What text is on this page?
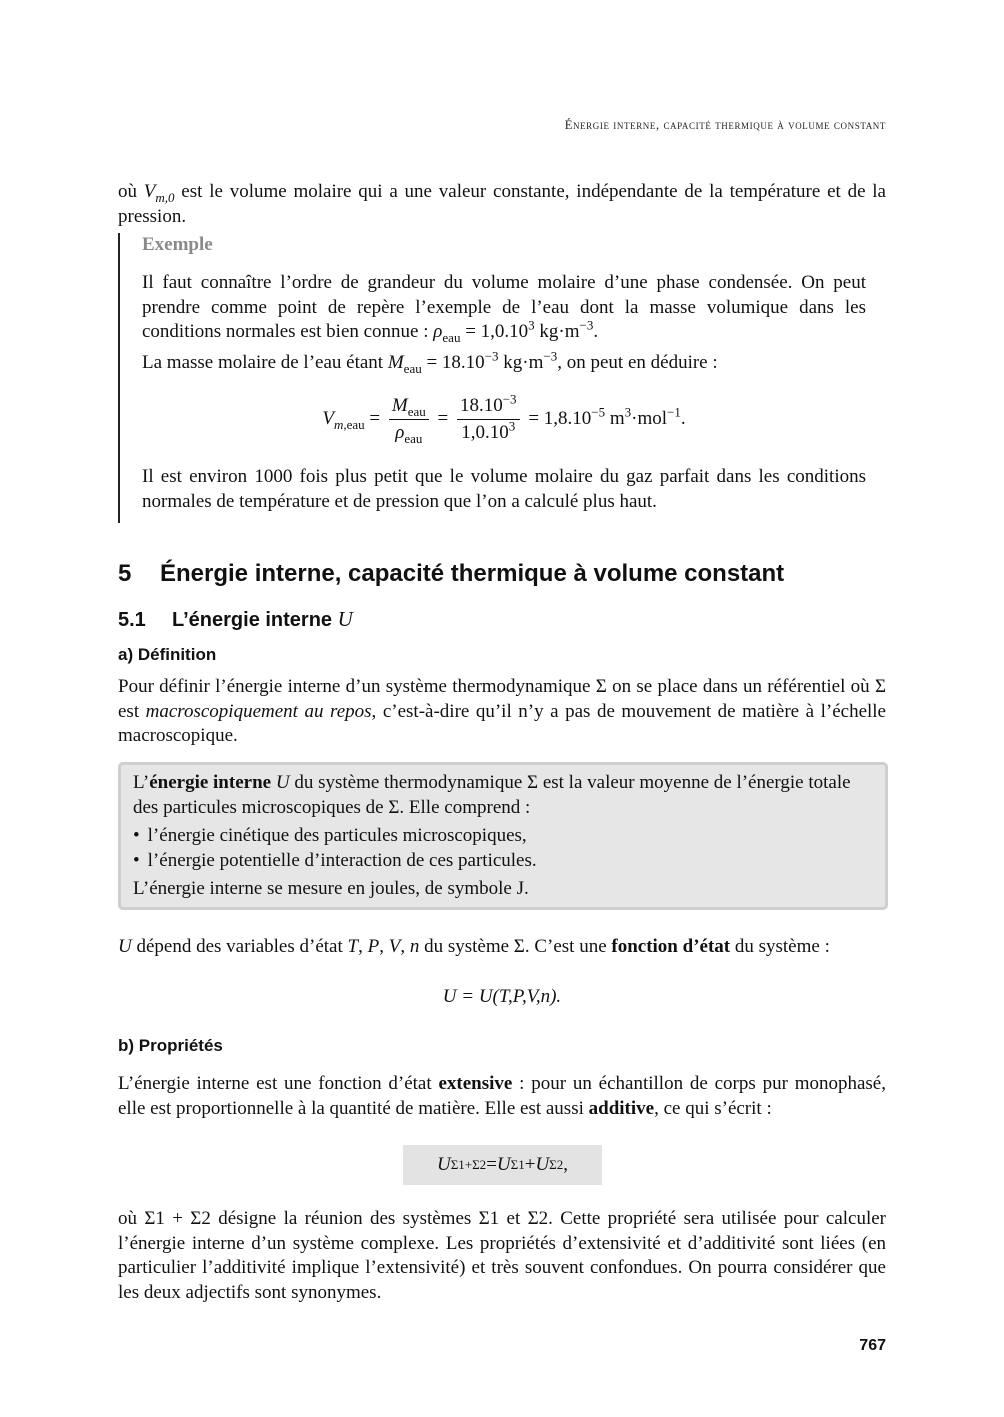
Énergie interne, capacité thermique à volume constant

où $V_{m,0}$ est le volume molaire qui a une valeur constante, indépendante de la température et de la pression.

Exemple

Il faut connaître l’ordre de grandeur du volume molaire d’une phase condensée. On peut prendre comme point de repère l’exemple de l’eau dont la masse volumique dans les conditions normales est bien connue : $\rho_{eau} = 1,0.10^3$ $kg\cdot m^{-3}$.

La masse molaire de l’eau étant $M_{eau} = 18.10^{-3}$ $kg\cdot m^{-3}$, on peut en déduire :

$V_{m,eau} = \frac{M_{eau}}{\rho_{eau}} = \frac{18.10^{-3}}{1,0.10^3} = 1,8.10^{-5}$ $m^3\cdot mol^{-1}$.

Il est environ 1000 fois plus petit que le volume molaire du gaz parfait dans les conditions normales de température et de pression que l’on a calculé plus haut.

5 Énergie interne, capacité thermique à volume constant
5.1 L’énergie interne U
a) Définition

Pour définir l’énergie interne d’un système thermodynamique Σ on se place dans un référentiel où Σ est macroscopiquement au repos, c’est-à-dire qu’il n’y a pas de mouvement de matière à l’échelle macroscopique.

L’énergie interne U du système thermodynamique Σ est la valeur moyenne de l’énergie totale des particules microscopiques de Σ. Elle comprend :

• l’énergie cinétique des particules microscopiques,
• l’énergie potentielle d’interaction de ces particules.

L’énergie interne se mesure en joules, de symbole J.

U dépend des variables d’état T, P, V, n du système Σ. C’est une fonction d’état du système :

U = U(T,P,V,n).
b) Propriétés

L’énergie interne est une fonction d’état extensive : pour un échantillon de corps pur monophasé, elle est proportionnelle à la quantité de matière. Elle est aussi additive, ce qui s’écrit :

U Σ1+Σ2 = U Σ1 + U Σ2 ,

où Σ1 + Σ2 désigne la réunion des systèmes Σ1 et Σ2. Cette propriété sera utilisée pour calculer l’énergie interne d’un système complexe. Les propriétés d’extensivité et d’additivité sont liées (en particulier l’additivité implique l’extensivité) et très souvent confondues. On pourra considérer que les deux adjectifs sont synonymes.

767
